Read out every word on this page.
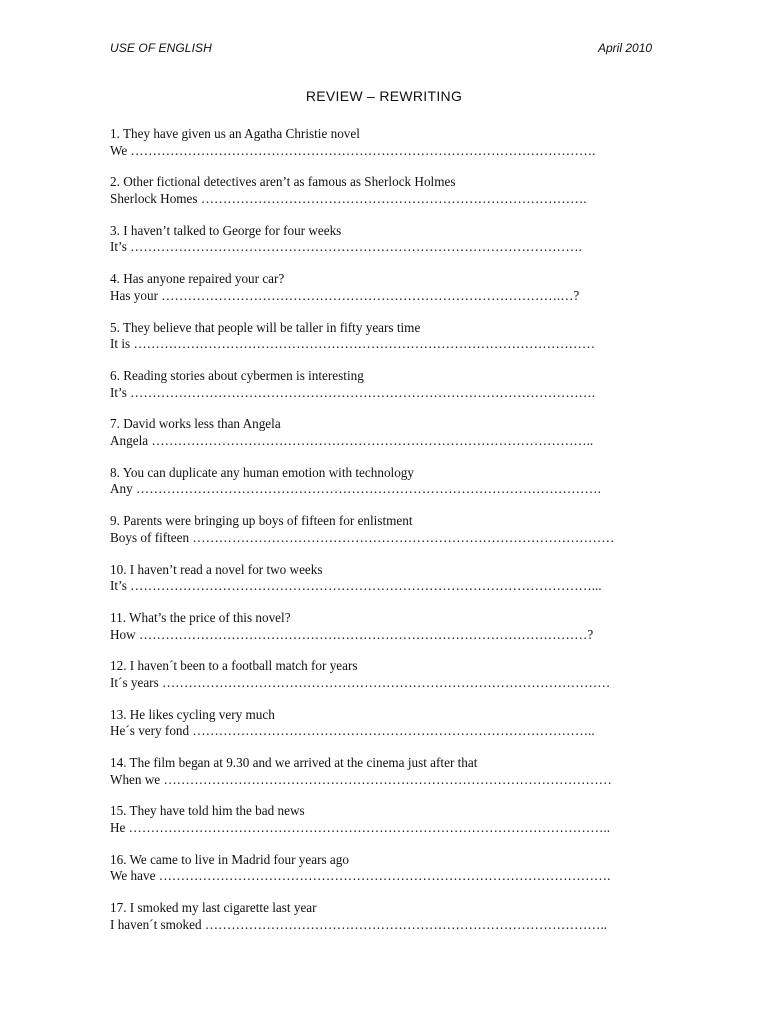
USE OF ENGLISH	April 2010
REVIEW – REWRITING
1. They have given us an Agatha Christie novel
We …………………………………………………………………………………………….
2. Other fictional detectives aren’t as famous as Sherlock Holmes
Sherlock Homes …………………………………………………………………………….
3. I haven’t talked to George for four weeks
It’s ………………………………………………………………………………………….
4. Has anyone repaired your car?
Has your ……………………………………………………………………………….…?
5. They believe that people will be taller in fifty years time
It is ……………………………………………………………………………………………
6. Reading stories about cybermen is interesting
It’s …………………………………………………………………………………………….
7. David works less than Angela
Angela ………………………………………………………………………………………..
8. You can duplicate any human emotion with technology
Any …………………………………………………………………………………………….
9. Parents were bringing up boys of fifteen for enlistment
Boys of fifteen ……………………………………………………………………………………
10. I haven’t read a novel for two weeks
It’s ……………………………………………………………………………………………...
11. What’s the price of this novel?
How …………………………………………………………………………………………?
12. I haven´t been to a football match for years
It´s years …………………………………………………………………………………………
13. He likes cycling very much
He´s very fond ………………………………………………………………………………..
14. The film began at 9.30 and we arrived at the cinema just after that
When we …………………………………………………………………………………………
15. They have told him the bad news
He ………………………………………………………………………………………………..
16. We came to live in Madrid four years ago
We have ………………………………………………………………………………………….
17. I smoked my last cigarette last year
I haven´t smoked ………………………………………………………………………………..
